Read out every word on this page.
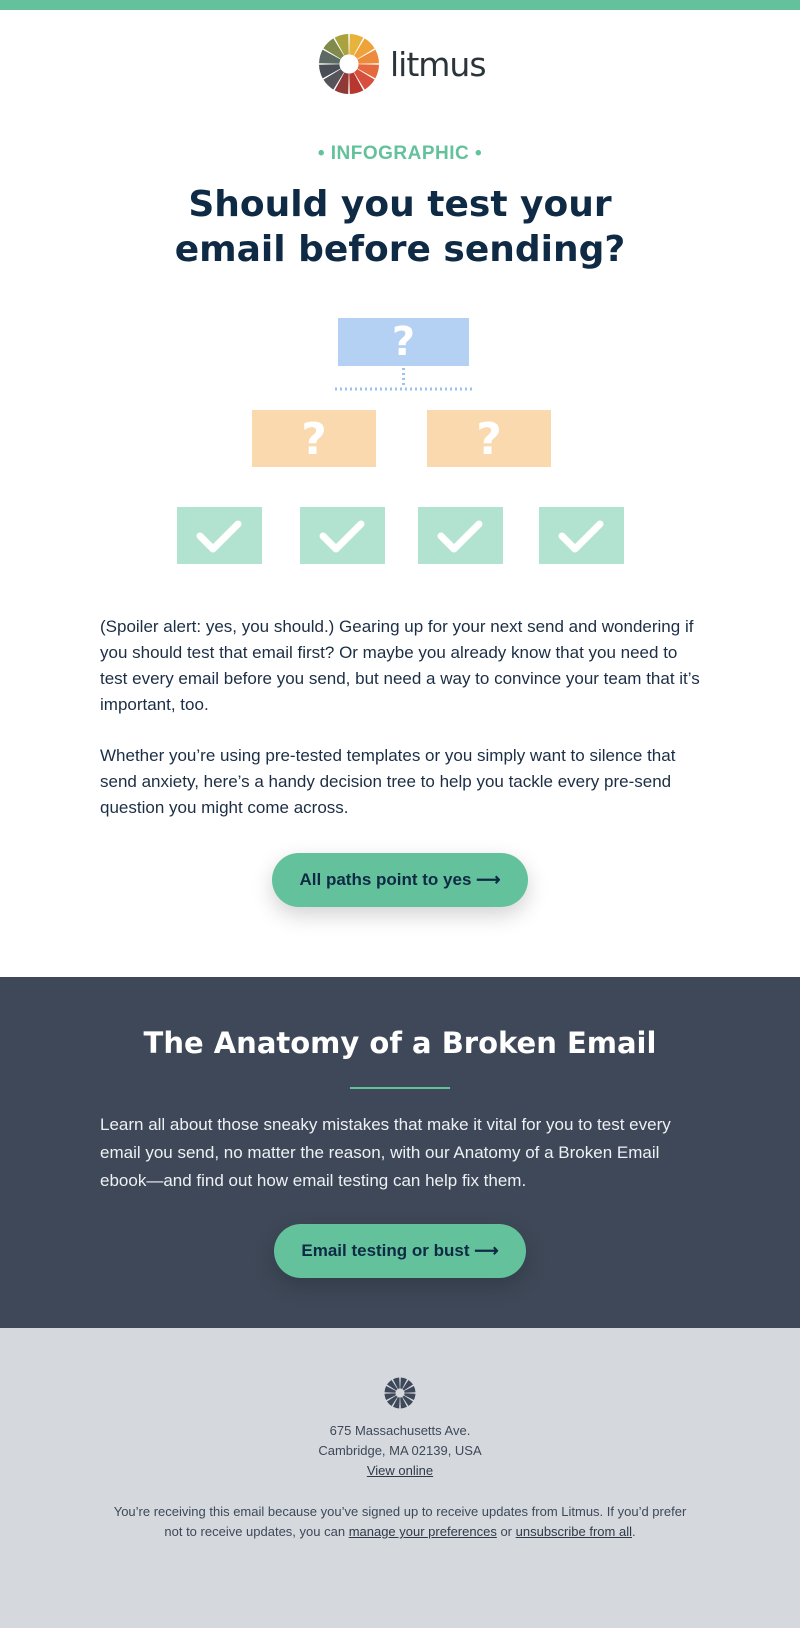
litmus
• INFOGRAPHIC •
Should you test your email before sending?
?
?	?

(Spoiler alert: yes, you should.) Gearing up for your next send and wondering if you should test that email first? Or maybe you already know that you need to test every email before you send, but need a way to convince your team that it’s important, too.

Whether you’re using pre-tested templates or you simply want to silence that send anxiety, here’s a handy decision tree to help you tackle every pre-send question you might come across.

All paths point to yes ⟶
The Anatomy of a Broken Email

Learn all about those sneaky mistakes that make it vital for you to test every email you send, no matter the reason, with our Anatomy of a Broken Email ebook—and find out how email testing can help fix them.

Email testing or bust ⟶
675 Massachusetts Ave.
Cambridge, MA 02139, USA
View online

You’re receiving this email because you’ve signed up to receive updates from Litmus. If you’d prefer not to receive updates, you can manage your preferences or unsubscribe from all.
